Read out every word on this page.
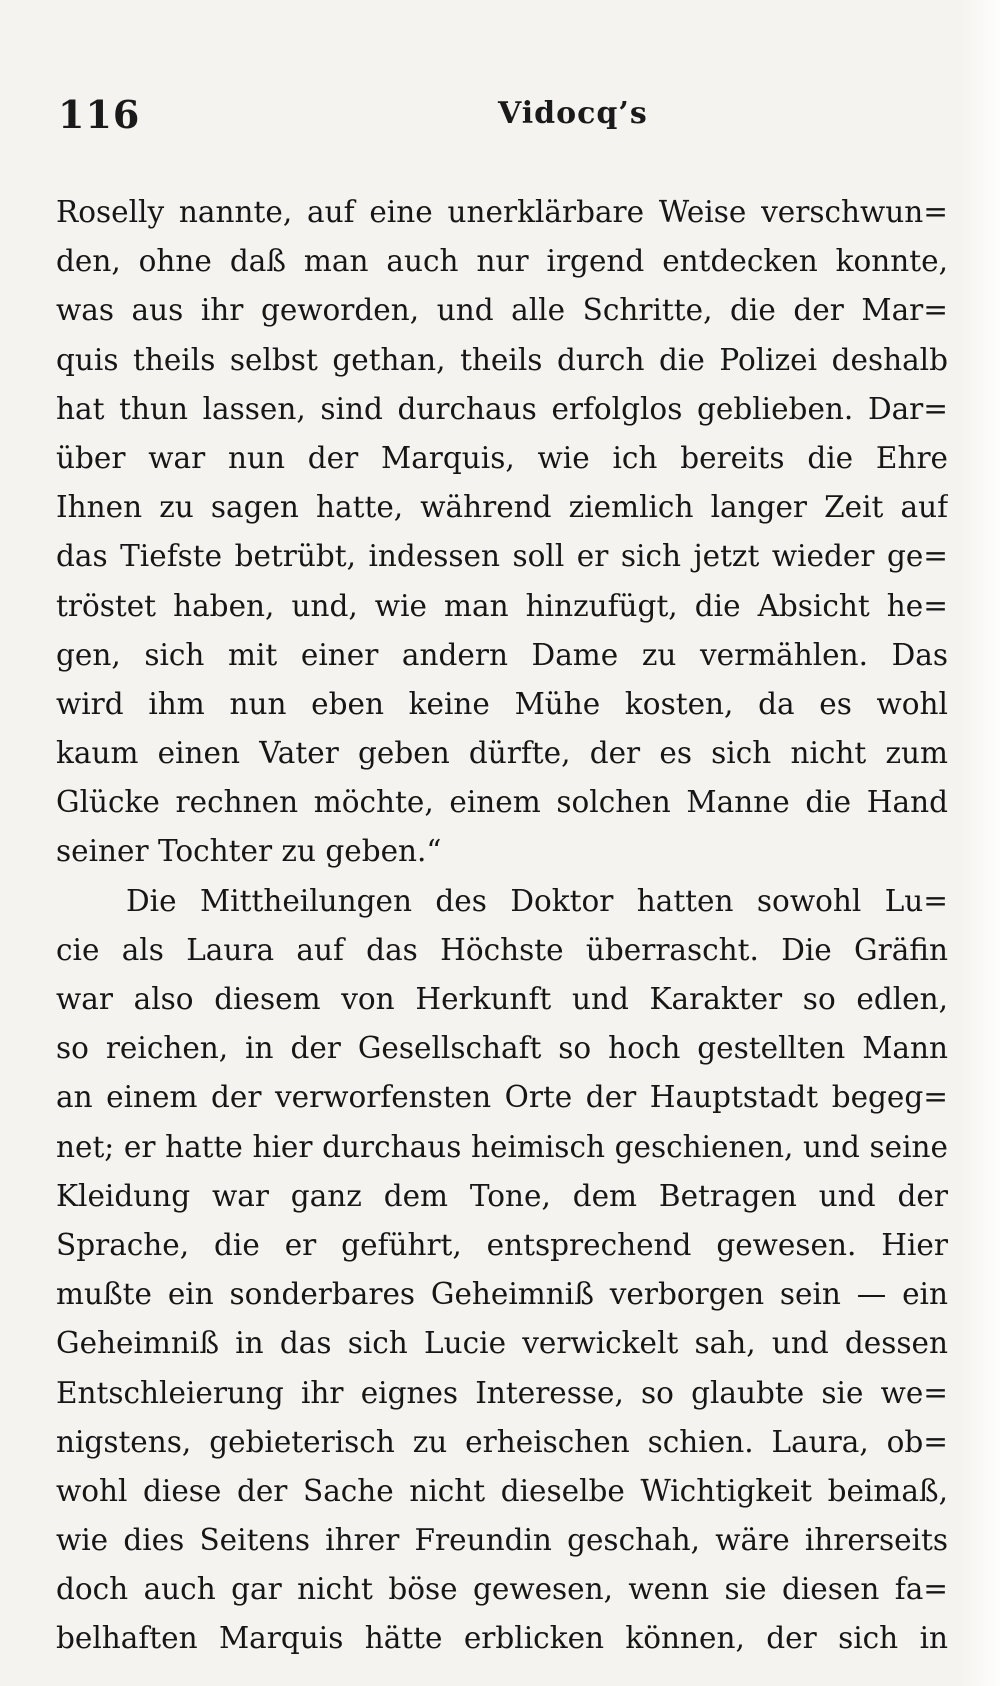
116	Vidocq’s
Roselly nannte, auf eine unerklärbare Weise verschwun=
den, ohne daß man auch nur irgend entdecken konnte,
was aus ihr geworden, und alle Schritte, die der Mar=
quis theils selbst gethan, theils durch die Polizei deshalb
hat thun lassen, sind durchaus erfolglos geblieben. Dar=
über war nun der Marquis, wie ich bereits die Ehre
Ihnen zu sagen hatte, während ziemlich langer Zeit auf
das Tiefste betrübt, indessen soll er sich jetzt wieder ge=
tröstet haben, und, wie man hinzufügt, die Absicht he=
gen, sich mit einer andern Dame zu vermählen. Das
wird ihm nun eben keine Mühe kosten, da es wohl
kaum einen Vater geben dürfte, der es sich nicht zum
Glücke rechnen möchte, einem solchen Manne die Hand
seiner Tochter zu geben.“
Die Mittheilungen des Doktor hatten sowohl Lu=
cie als Laura auf das Höchste überrascht. Die Gräfin
war also diesem von Herkunft und Karakter so edlen,
so reichen, in der Gesellschaft so hoch gestellten Mann
an einem der verworfensten Orte der Hauptstadt begeg=
net; er hatte hier durchaus heimisch geschienen, und seine
Kleidung war ganz dem Tone, dem Betragen und der
Sprache, die er geführt, entsprechend gewesen. Hier
mußte ein sonderbares Geheimniß verborgen sein — ein
Geheimniß in das sich Lucie verwickelt sah, und dessen
Entschleierung ihr eignes Interesse, so glaubte sie we=
nigstens, gebieterisch zu erheischen schien. Laura, ob=
wohl diese der Sache nicht dieselbe Wichtigkeit beimaß,
wie dies Seitens ihrer Freundin geschah, wäre ihrerseits
doch auch gar nicht böse gewesen, wenn sie diesen fa=
belhaften Marquis hätte erblicken können, der sich in
